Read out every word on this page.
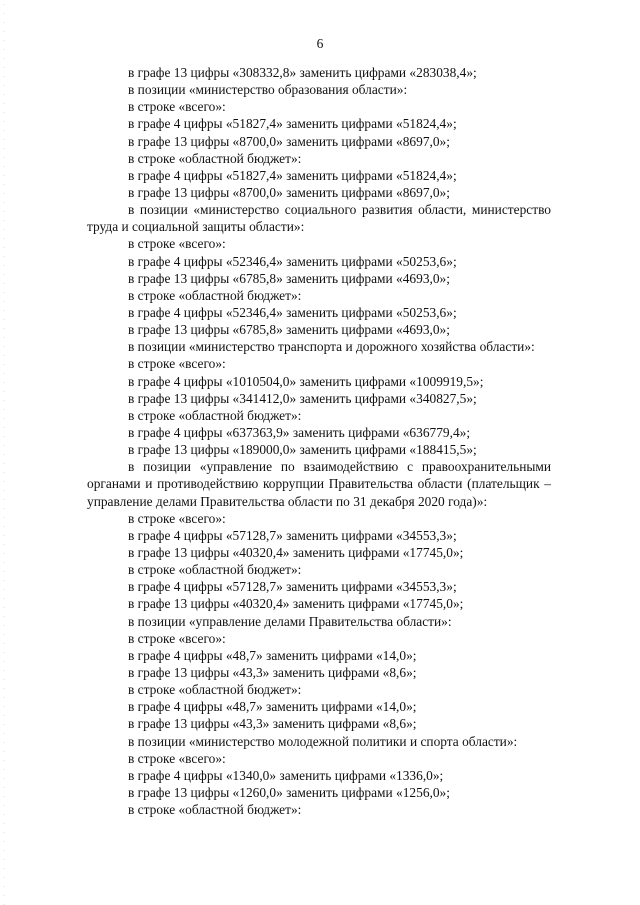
6
в графе 13 цифры «308332,8» заменить цифрами «283038,4»;
в позиции «министерство образования области»:
в строке «всего»:
в графе 4 цифры «51827,4» заменить цифрами «51824,4»;
в графе 13 цифры «8700,0» заменить цифрами «8697,0»;
в строке «областной бюджет»:
в графе 4 цифры «51827,4» заменить цифрами «51824,4»;
в графе 13 цифры «8700,0» заменить цифрами «8697,0»;

в позиции «министерство социального развития области, министерство труда и социальной защиты области»:

в строке «всего»:
в графе 4 цифры «52346,4» заменить цифрами «50253,6»;
в графе 13 цифры «6785,8» заменить цифрами «4693,0»;
в строке «областной бюджет»:
в графе 4 цифры «52346,4» заменить цифрами «50253,6»;
в графе 13 цифры «6785,8» заменить цифрами «4693,0»;
в позиции «министерство транспорта и дорожного хозяйства области»:
в строке «всего»:
в графе 4 цифры «1010504,0» заменить цифрами «1009919,5»;
в графе 13 цифры «341412,0» заменить цифрами «340827,5»;
в строке «областной бюджет»:
в графе 4 цифры «637363,9» заменить цифрами «636779,4»;
в графе 13 цифры «189000,0» заменить цифрами «188415,5»;

в позиции «управление по взаимодействию с правоохранительными органами и противодействию коррупции Правительства области (плательщик – управление делами Правительства области по 31 декабря 2020 года)»:

в строке «всего»:
в графе 4 цифры «57128,7» заменить цифрами «34553,3»;
в графе 13 цифры «40320,4» заменить цифрами «17745,0»;
в строке «областной бюджет»:
в графе 4 цифры «57128,7» заменить цифрами «34553,3»;
в графе 13 цифры «40320,4» заменить цифрами «17745,0»;
в позиции «управление делами Правительства области»:
в строке «всего»:
в графе 4 цифры «48,7» заменить цифрами «14,0»;
в графе 13 цифры «43,3» заменить цифрами «8,6»;
в строке «областной бюджет»:
в графе 4 цифры «48,7» заменить цифрами «14,0»;
в графе 13 цифры «43,3» заменить цифрами «8,6»;
в позиции «министерство молодежной политики и спорта области»:
в строке «всего»:
в графе 4 цифры «1340,0» заменить цифрами «1336,0»;
в графе 13 цифры «1260,0» заменить цифрами «1256,0»;
в строке «областной бюджет»:
